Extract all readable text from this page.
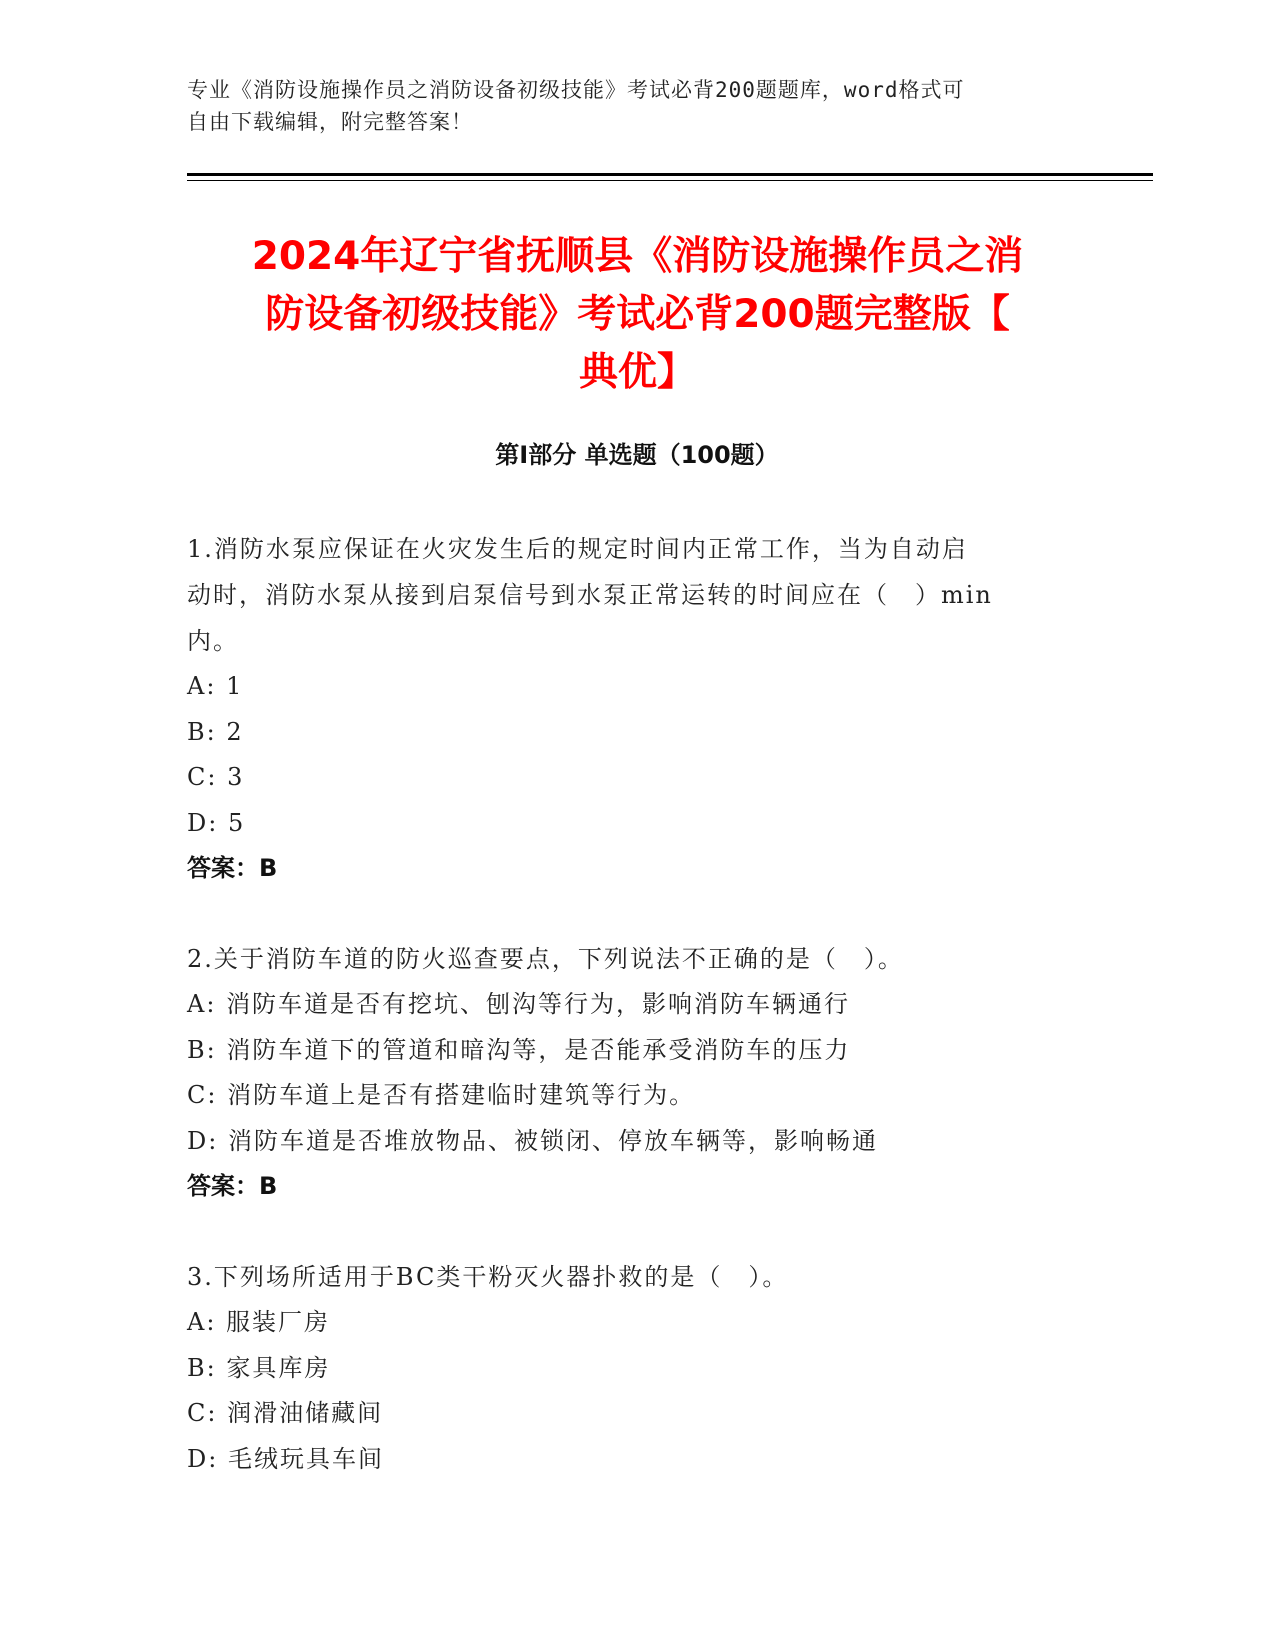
专业《消防设施操作员之消防设备初级技能》考试必背200题题库，word格式可
自由下载编辑，附完整答案！
2024年辽宁省抚顺县《消防设施操作员之消
防设备初级技能》考试必背200题完整版【
典优】
第Ⅰ部分 单选题（100题）

1.消防水泵应保证在火灾发生后的规定时间内正常工作，当为自动启

动时，消防水泵从接到启泵信号到水泵正常运转的时间应在（　）min

内。

A: 1

B: 2

C: 3

D: 5

答案：B

2.关于消防车道的防火巡查要点，下列说法不正确的是（　）。

A: 消防车道是否有挖坑、刨沟等行为，影响消防车辆通行

B: 消防车道下的管道和暗沟等，是否能承受消防车的压力

C: 消防车道上是否有搭建临时建筑等行为。

D: 消防车道是否堆放物品、被锁闭、停放车辆等，影响畅通

答案：B

3.下列场所适用于BC类干粉灭火器扑救的是（　）。

A: 服装厂房

B: 家具库房

C: 润滑油储藏间

D: 毛绒玩具车间
